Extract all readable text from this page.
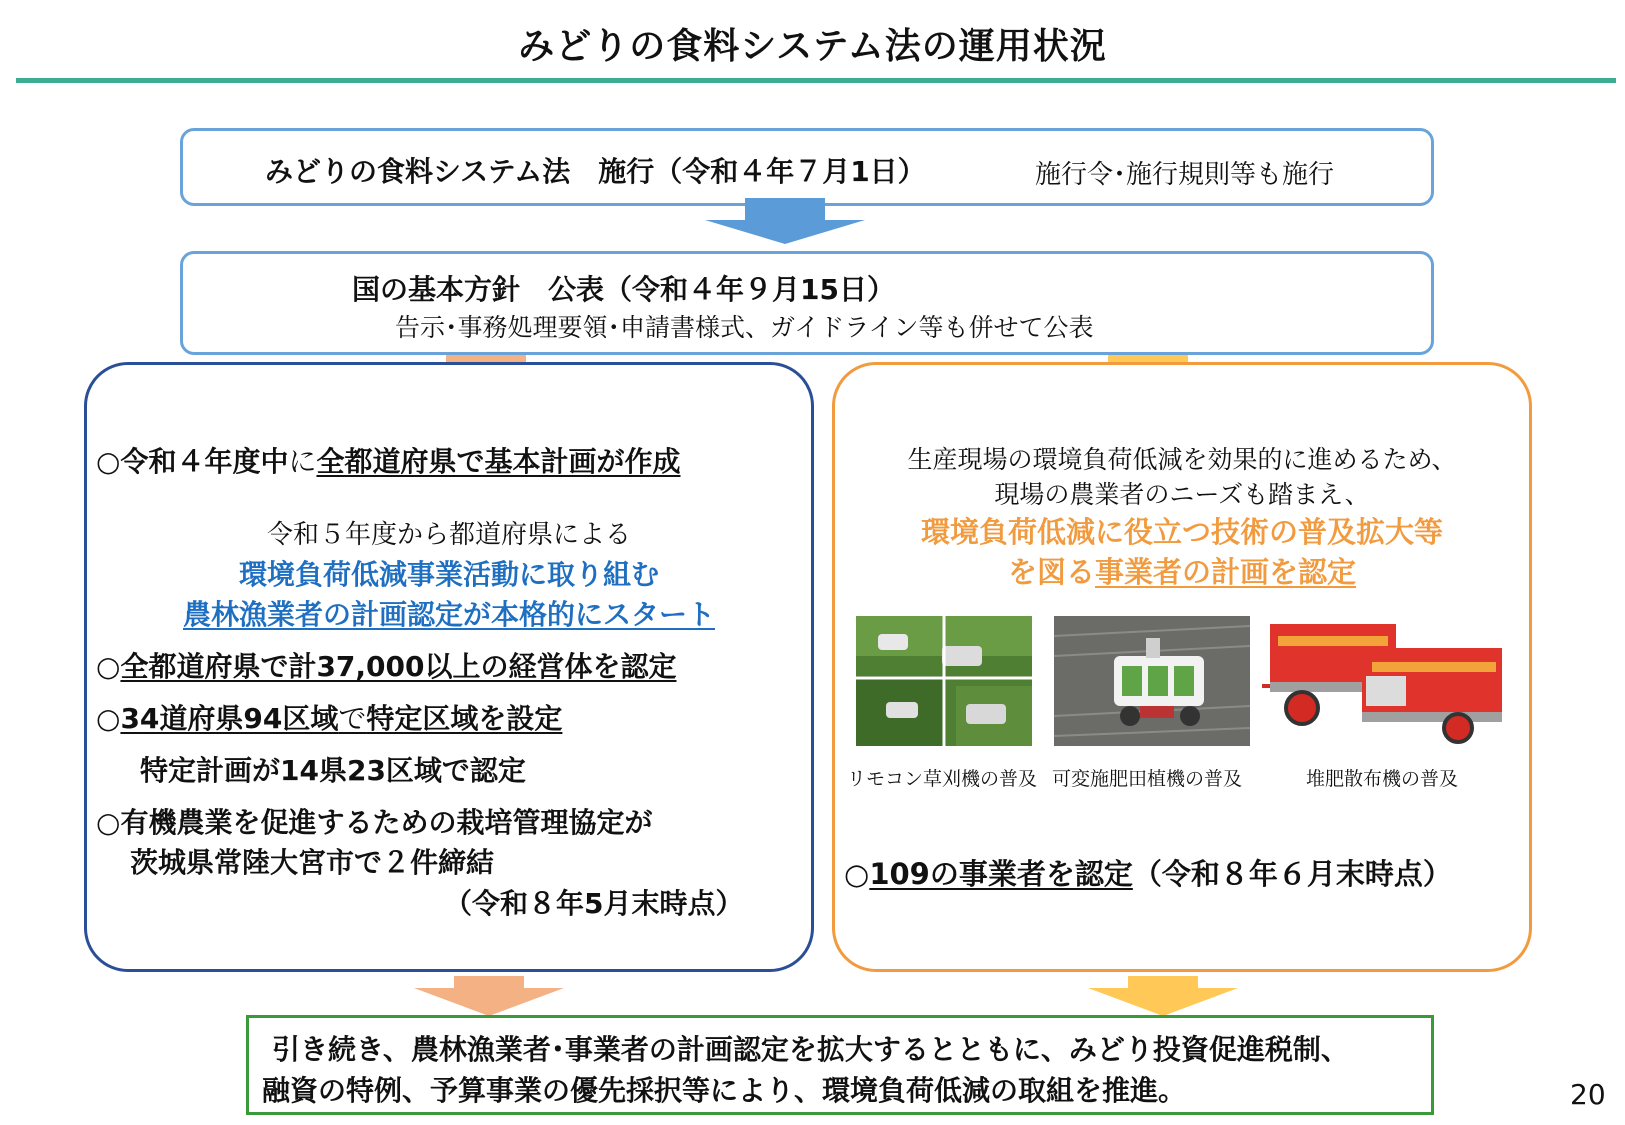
みどりの食料システム法の運用状況
みどりの食料システム法　施行（令和４年７月1日）	施行令･施行規則等も施行
国の基本方針　公表（令和４年９月15日）
告示･事務処理要領･申請書様式、ガイドライン等も併せて公表
○令和４年度中に全都道府県で基本計画が作成
令和５年度から都道府県による
環境負荷低減事業活動に取り組む
農林漁業者の計画認定が本格的にスタート
○全都道府県で計37,000以上の経営体を認定
○34道府県94区域で特定区域を設定
特定計画が14県23区域で認定
○有機農業を促進するための栽培管理協定が
茨城県常陸大宮市で２件締結
（令和８年5月末時点）
生産現場の環境負荷低減を効果的に進めるため、
現場の農業者のニーズも踏まえ、
環境負荷低減に役立つ技術の普及拡大等
を図る事業者の計画を認定
リモコン草刈機の普及 可変施肥田植機の普及	堆肥散布機の普及
○109の事業者を認定（令和８年６月末時点）
引き続き、農林漁業者･事業者の計画認定を拡大するとともに、みどり投資促進税制、
融資の特例、予算事業の優先採択等により、環境負荷低減の取組を推進。	20
